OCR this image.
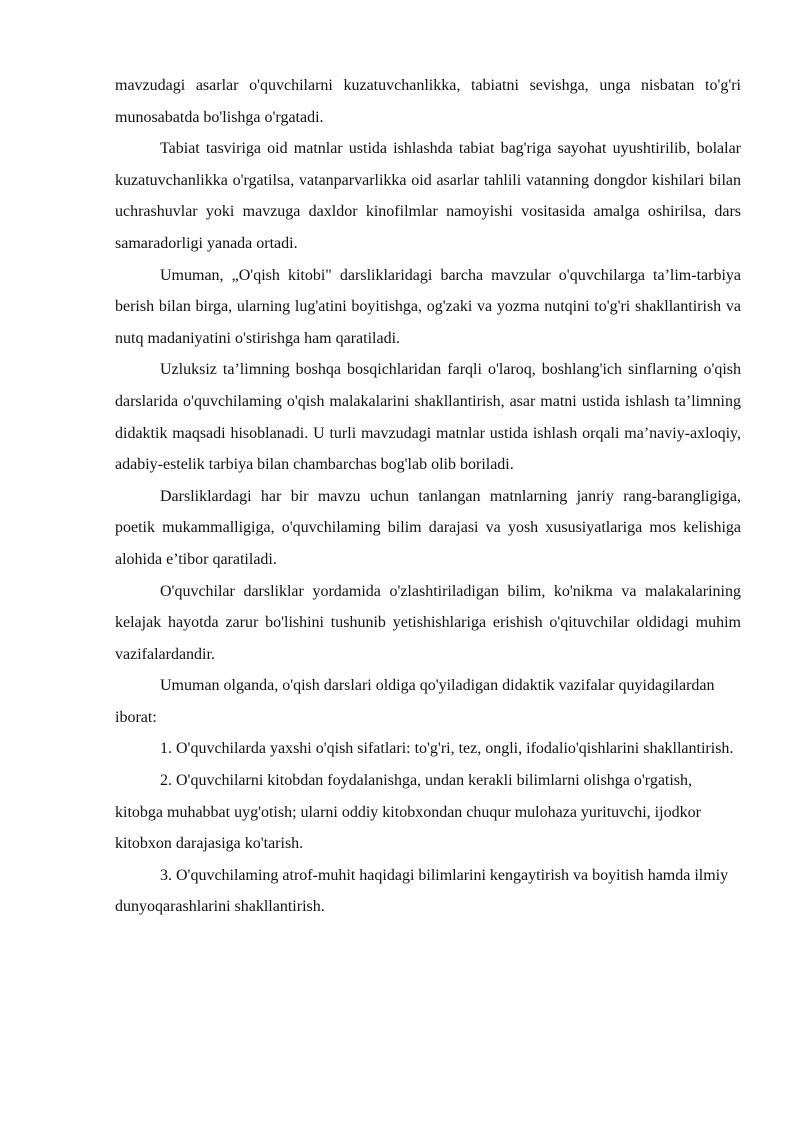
mavzudagi asarlar o'quvchilarni kuzatuvchanlikka, tabiatni sevishga, unga nisbatan to'g'ri munosabatda bo'lishga o'rgatadi.

Tabiat tasviriga oid matnlar ustida ishlashda tabiat bag'riga sayohat uyushtirilib, bolalar kuzatuvchanlikka o'rgatilsa, vatanparvarlikka oid asarlar tahlili vatanning dongdor kishilari bilan uchrashuvlar yoki mavzuga daxldor kinofilmlar namoyishi vositasida amalga oshirilsa, dars samaradorligi yanada ortadi.

Umuman, „O'qish kitobi" darsliklaridagi barcha mavzular o'quvchilarga ta’lim-tarbiya berish bilan birga, ularning lug'atini boyitishga, og'zaki va yozma nutqini to'g'ri shakllantirish va nutq madaniyatini o'stirishga ham qaratiladi.

Uzluksiz ta’limning boshqa bosqichlaridan farqli o'laroq, boshlang'ich sinflarning o'qish darslarida o'quvchilaming o'qish malakalarini shakllantirish, asar matni ustida ishlash ta’limning didaktik maqsadi hisoblanadi. U turli mavzudagi matnlar ustida ishlash orqali ma’naviy-axloqiy, adabiy-estelik tarbiya bilan chambarchas bog'lab olib boriladi.

Darsliklardagi har bir mavzu uchun tanlangan matnlarning janriy rang-barangligiga, poetik mukammalligiga, o'quvchilaming bilim darajasi va yosh xususiyatlariga mos kelishiga alohida e’tibor qaratiladi.

O'quvchilar darsliklar yordamida o'zlashtiriladigan bilim, ko'nikma va malakalarining kelajak hayotda zarur bo'lishini tushunib yetishishlariga erishish o'qituvchilar oldidagi muhim vazifalardandir.

Umuman olganda, o'qish darslari oldiga qo'yiladigan didaktik vazifalar quyidagilardan iborat:

1. O'quvchilarda yaxshi o'qish sifatlari: to'g'ri, tez, ongli, ifodalio'qishlarini shakllantirish.

2. O'quvchilarni kitobdan foydalanishga, undan kerakli bilimlarni olishga o'rgatish, kitobga muhabbat uyg'otish; ularni oddiy kitobxondan chuqur mulohaza yurituvchi, ijodkor kitobxon darajasiga ko'tarish.

3. O'quvchilaming atrof-muhit haqidagi bilimlarini kengaytirish va boyitish hamda ilmiy dunyoqarashlarini shakllantirish.
